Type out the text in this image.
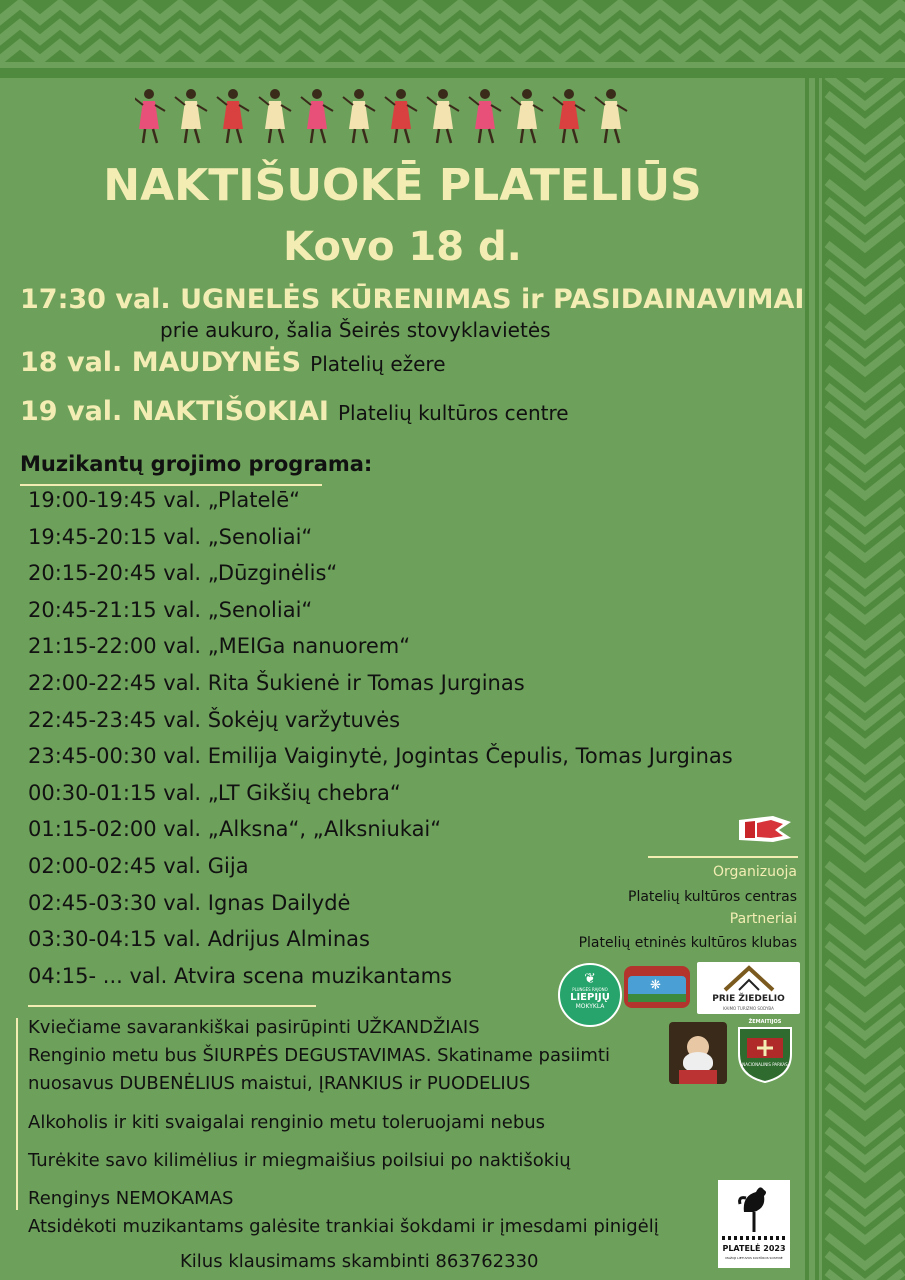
NAKTIŠUOKĒ PLATELIŪS
Kovo 18 d.
17:30 val. UGNELĖS KŪRENIMAS ir PASIDAINAVIMAI
prie aukuro, šalia Šeirės stovyklavietės
18 val. MAUDYNĖS Platelių ežere
19 val. NAKTIŠOKIAI Platelių kultūros centre
Muzikantų grojimo programa:
19:00-19:45 val. „Platelē“
19:45-20:15 val. „Senoliai“
20:15-20:45 val. „Dūzginėlis“
20:45-21:15 val. „Senoliai“
21:15-22:00 val. „MEIGa nanuorem“
22:00-22:45 val. Rita Šukienė ir Tomas Jurginas
22:45-23:45 val. Šokėjų varžytuvės
23:45-00:30 val. Emilija Vaiginytė, Jogintas Čepulis, Tomas Jurginas
00:30-01:15 val. „LT Gikšių chebra“
01:15-02:00 val. „Alksna“, „Alksniukai“
02:00-02:45 val. Gija
02:45-03:30 val. Ignas Dailydė
03:30-04:15 val. Adrijus Alminas
04:15- ... val. Atvira scena muzikantams
Organizuoja
Platelių kultūros centras
Partneriai
Platelių etninės kultūros klubas
❦
PLUNGĖS RAJONO
LIEPIJŲ
MOKYKLA
❋
PRIE ŽIEDELIO
KAIMO TURIZMO SODYBA
ŽEMAITIJOS
NACIONALINIS PARKAS
Kviečiame savarankiškai pasirūpinti UŽKANDŽIAIS
Renginio metu bus ŠIURPĖS DEGUSTAVIMAS. Skatiname pasiimti
nuosavus DUBENĖLIUS maistui, ĮRANKIUS ir PUODELIUS
Alkoholis ir kiti svaigalai renginio metu toleruojami nebus
Turėkite savo kilimėlius ir miegmaišius poilsiui po naktišokių
Renginys NEMOKAMAS
Atsidėkoti muzikantams galėsite trankiai šokdami ir įmesdami pinigėlį
Kilus klausimams skambinti 863762330
PLATELĖ 2023
MAŽOJI LIETUVOS KULTŪROS SOSTINĖ
